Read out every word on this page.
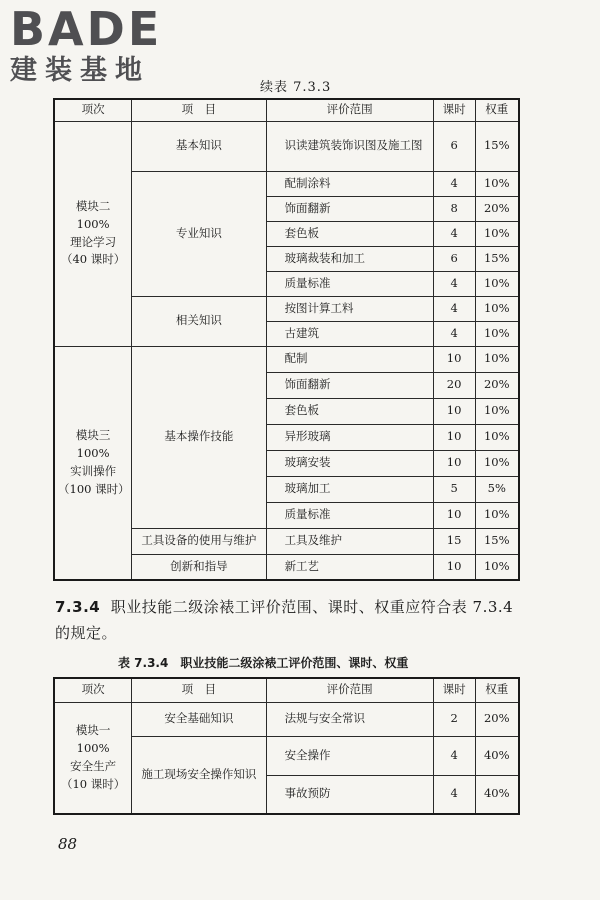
BADE
建装基地
续表 7.3.3
项次	项　目	评价范围	课时	权重

模块二 100%
理论学习
（40 课时）	基本知识	识读建筑装饰识图及施工图	6	15%
	专业知识	配制涂料	4	10%
		饰面翻新	8	20%
		套色板	4	10%
		玻璃裁装和加工	6	15%
		质量标准	4	10%
	相关知识	按图计算工料	4	10%
		古建筑	4	10%

模块三 100%
实训操作
（100 课时）	基本操作技能	配制	10	10%
		饰面翻新	20	20%
		套色板	10	10%
		异形玻璃	10	10%
		玻璃安装	10	10%
		玻璃加工	5	5%
		质量标准	10	10%
	工具设备的使用与维护	工具及维护	15	15%
	创新和指导	新工艺	10	10%
7.3.4 职业技能二级涂裱工评价范围、课时、权重应符合表 7.3.4 的规定。
表 7.3.4　职业技能二级涂裱工评价范围、课时、权重
项次	项　目	评价范围	课时	权重

模块一 100%
安全生产
（10 课时）	安全基础知识	法规与安全常识	2	20%
	施工现场安全操作知识	安全操作	4	40%
		事故预防	4	40%
88
